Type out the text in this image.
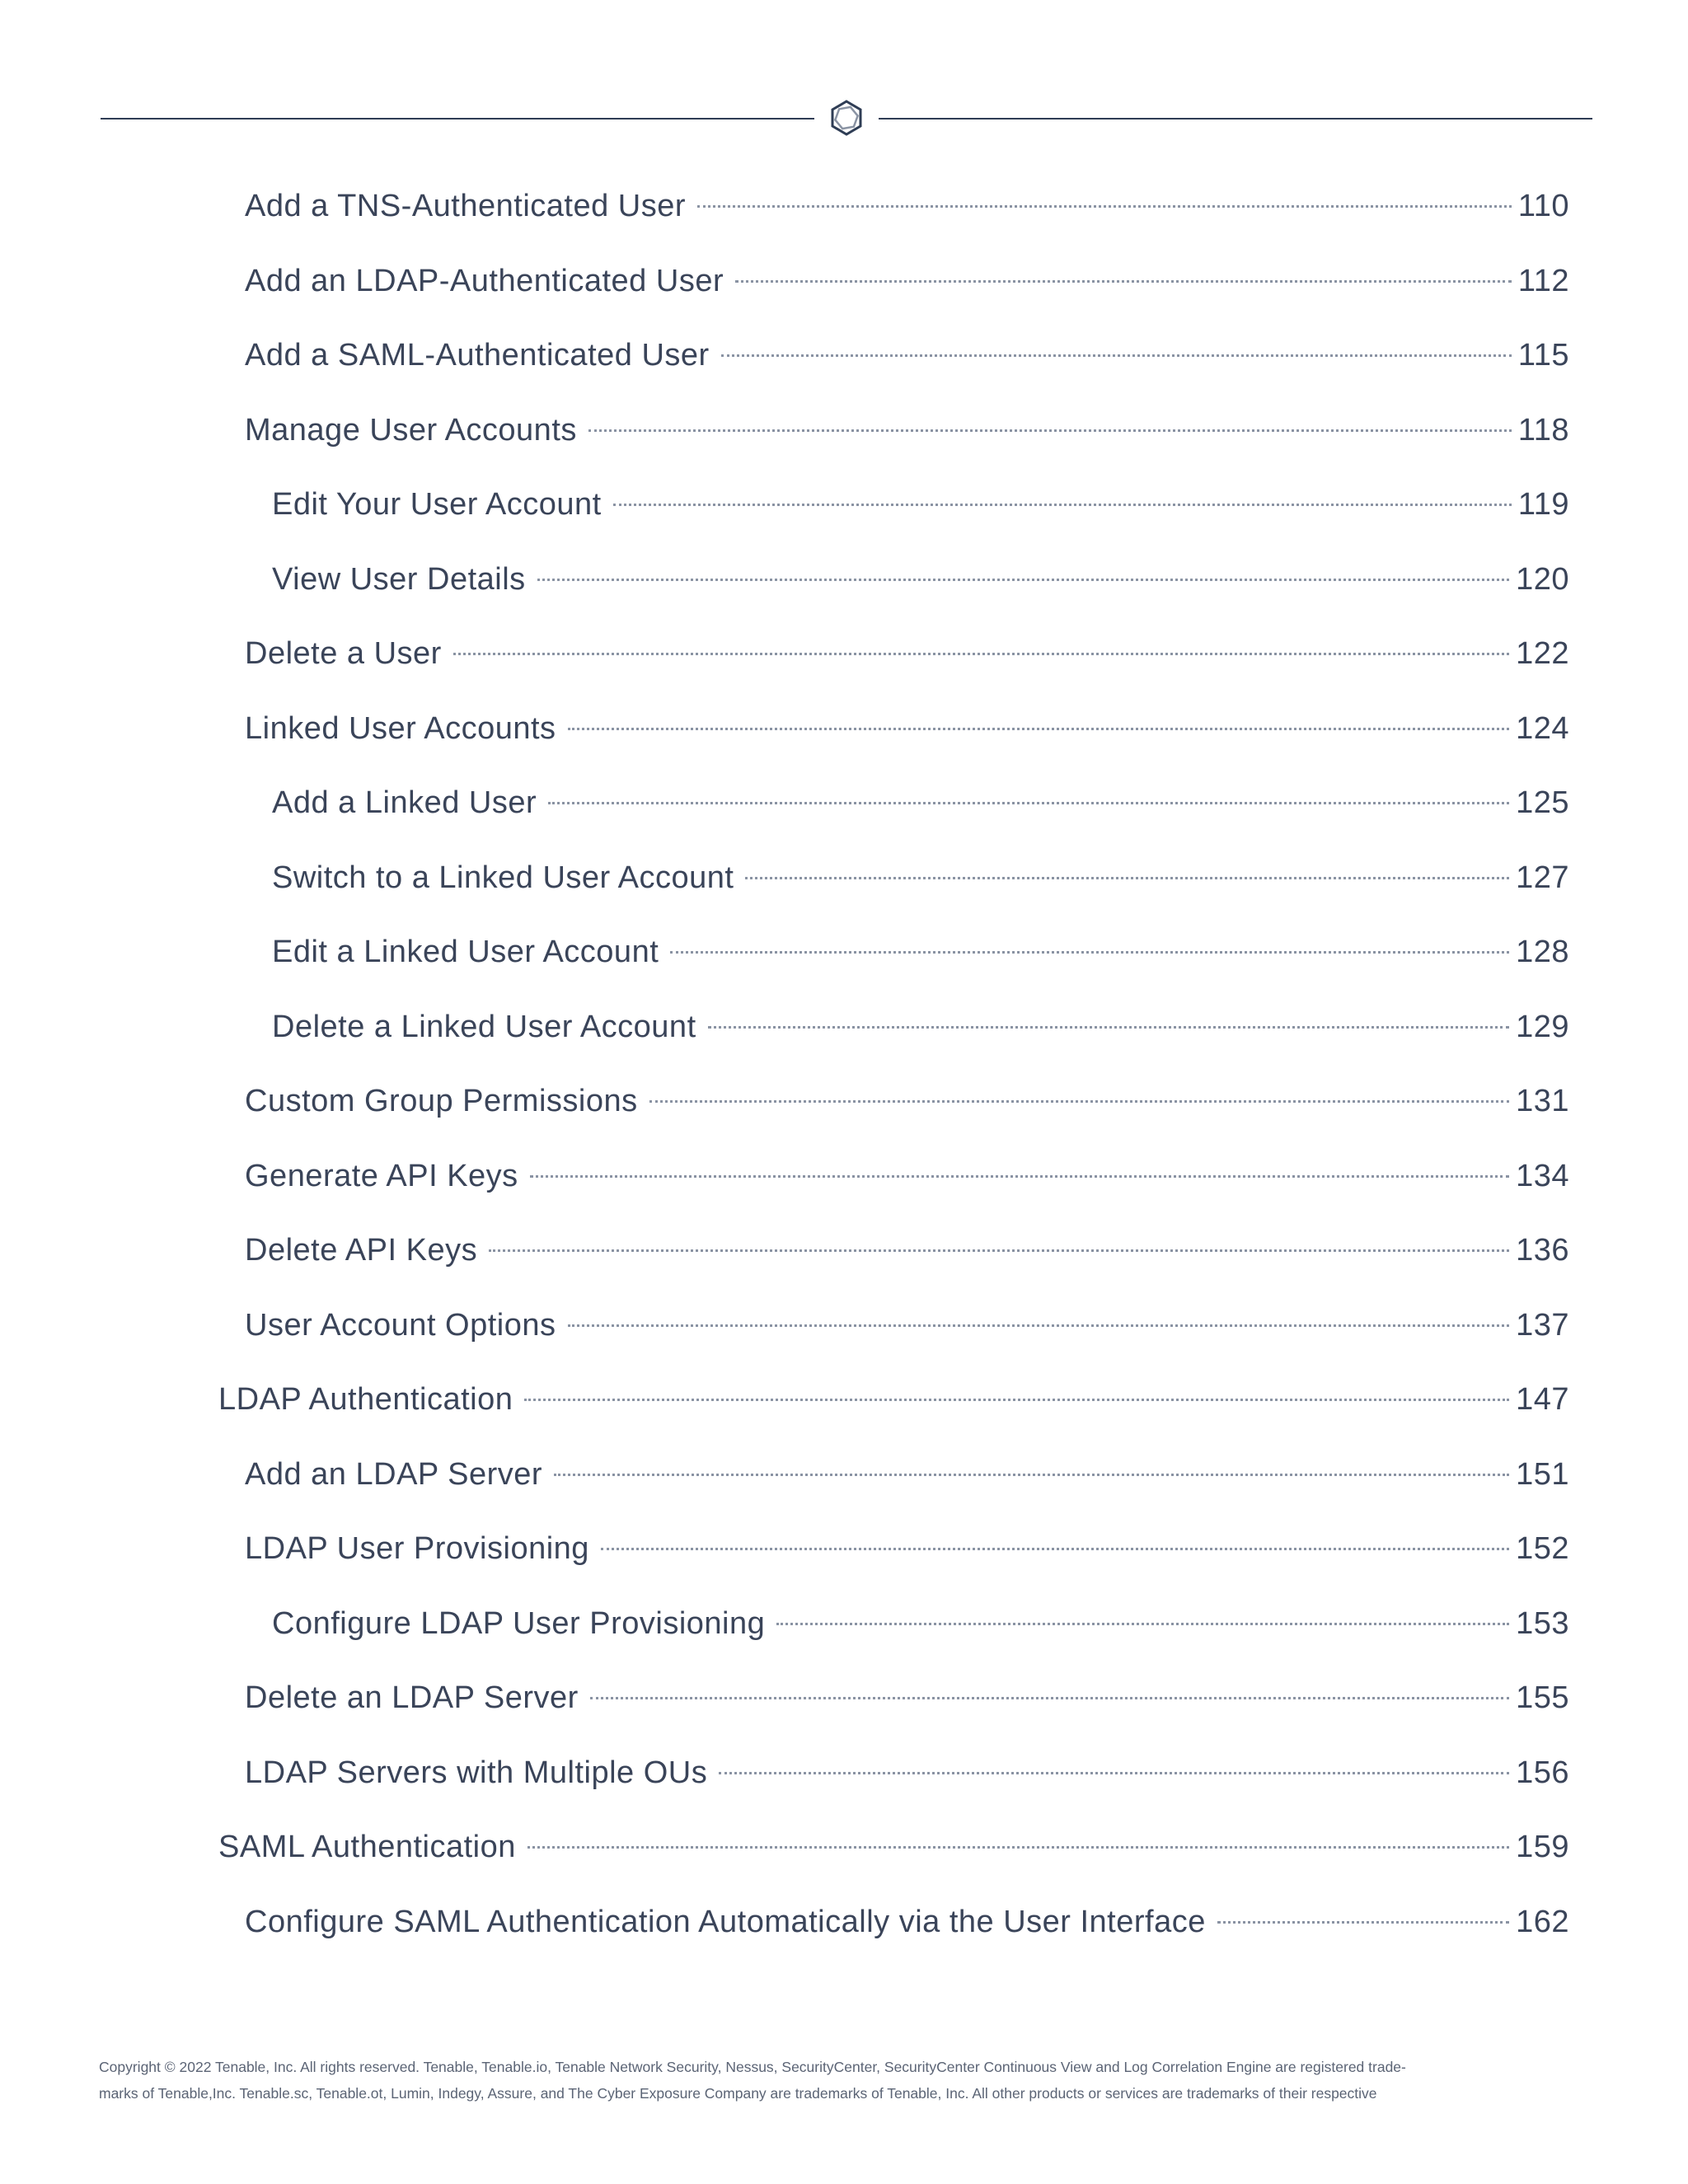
Add a TNS-Authenticated User	110
Add an LDAP-Authenticated User	112
Add a SAML-Authenticated User	115
Manage User Accounts	118
Edit Your User Account	119
View User Details	120
Delete a User	122
Linked User Accounts	124
Add a Linked User	125
Switch to a Linked User Account	127
Edit a Linked User Account	128
Delete a Linked User Account	129
Custom Group Permissions	131
Generate API Keys	134
Delete API Keys	136
User Account Options	137
LDAP Authentication	147
Add an LDAP Server	151
LDAP User Provisioning	152
Configure LDAP User Provisioning	153
Delete an LDAP Server	155
LDAP Servers with Multiple OUs	156
SAML Authentication	159
Configure SAML Authentication Automatically via the User Interface	162
Copyright © 2022 Tenable, Inc. All rights reserved. Tenable, Tenable.io, Tenable Network Security, Nessus, SecurityCenter, SecurityCenter Continuous View and Log Correlation Engine are registered trade-
marks of Tenable,Inc. Tenable.sc, Tenable.ot, Lumin, Indegy, Assure, and The Cyber Exposure Company are trademarks of Tenable, Inc. All other products or services are trademarks of their respective
